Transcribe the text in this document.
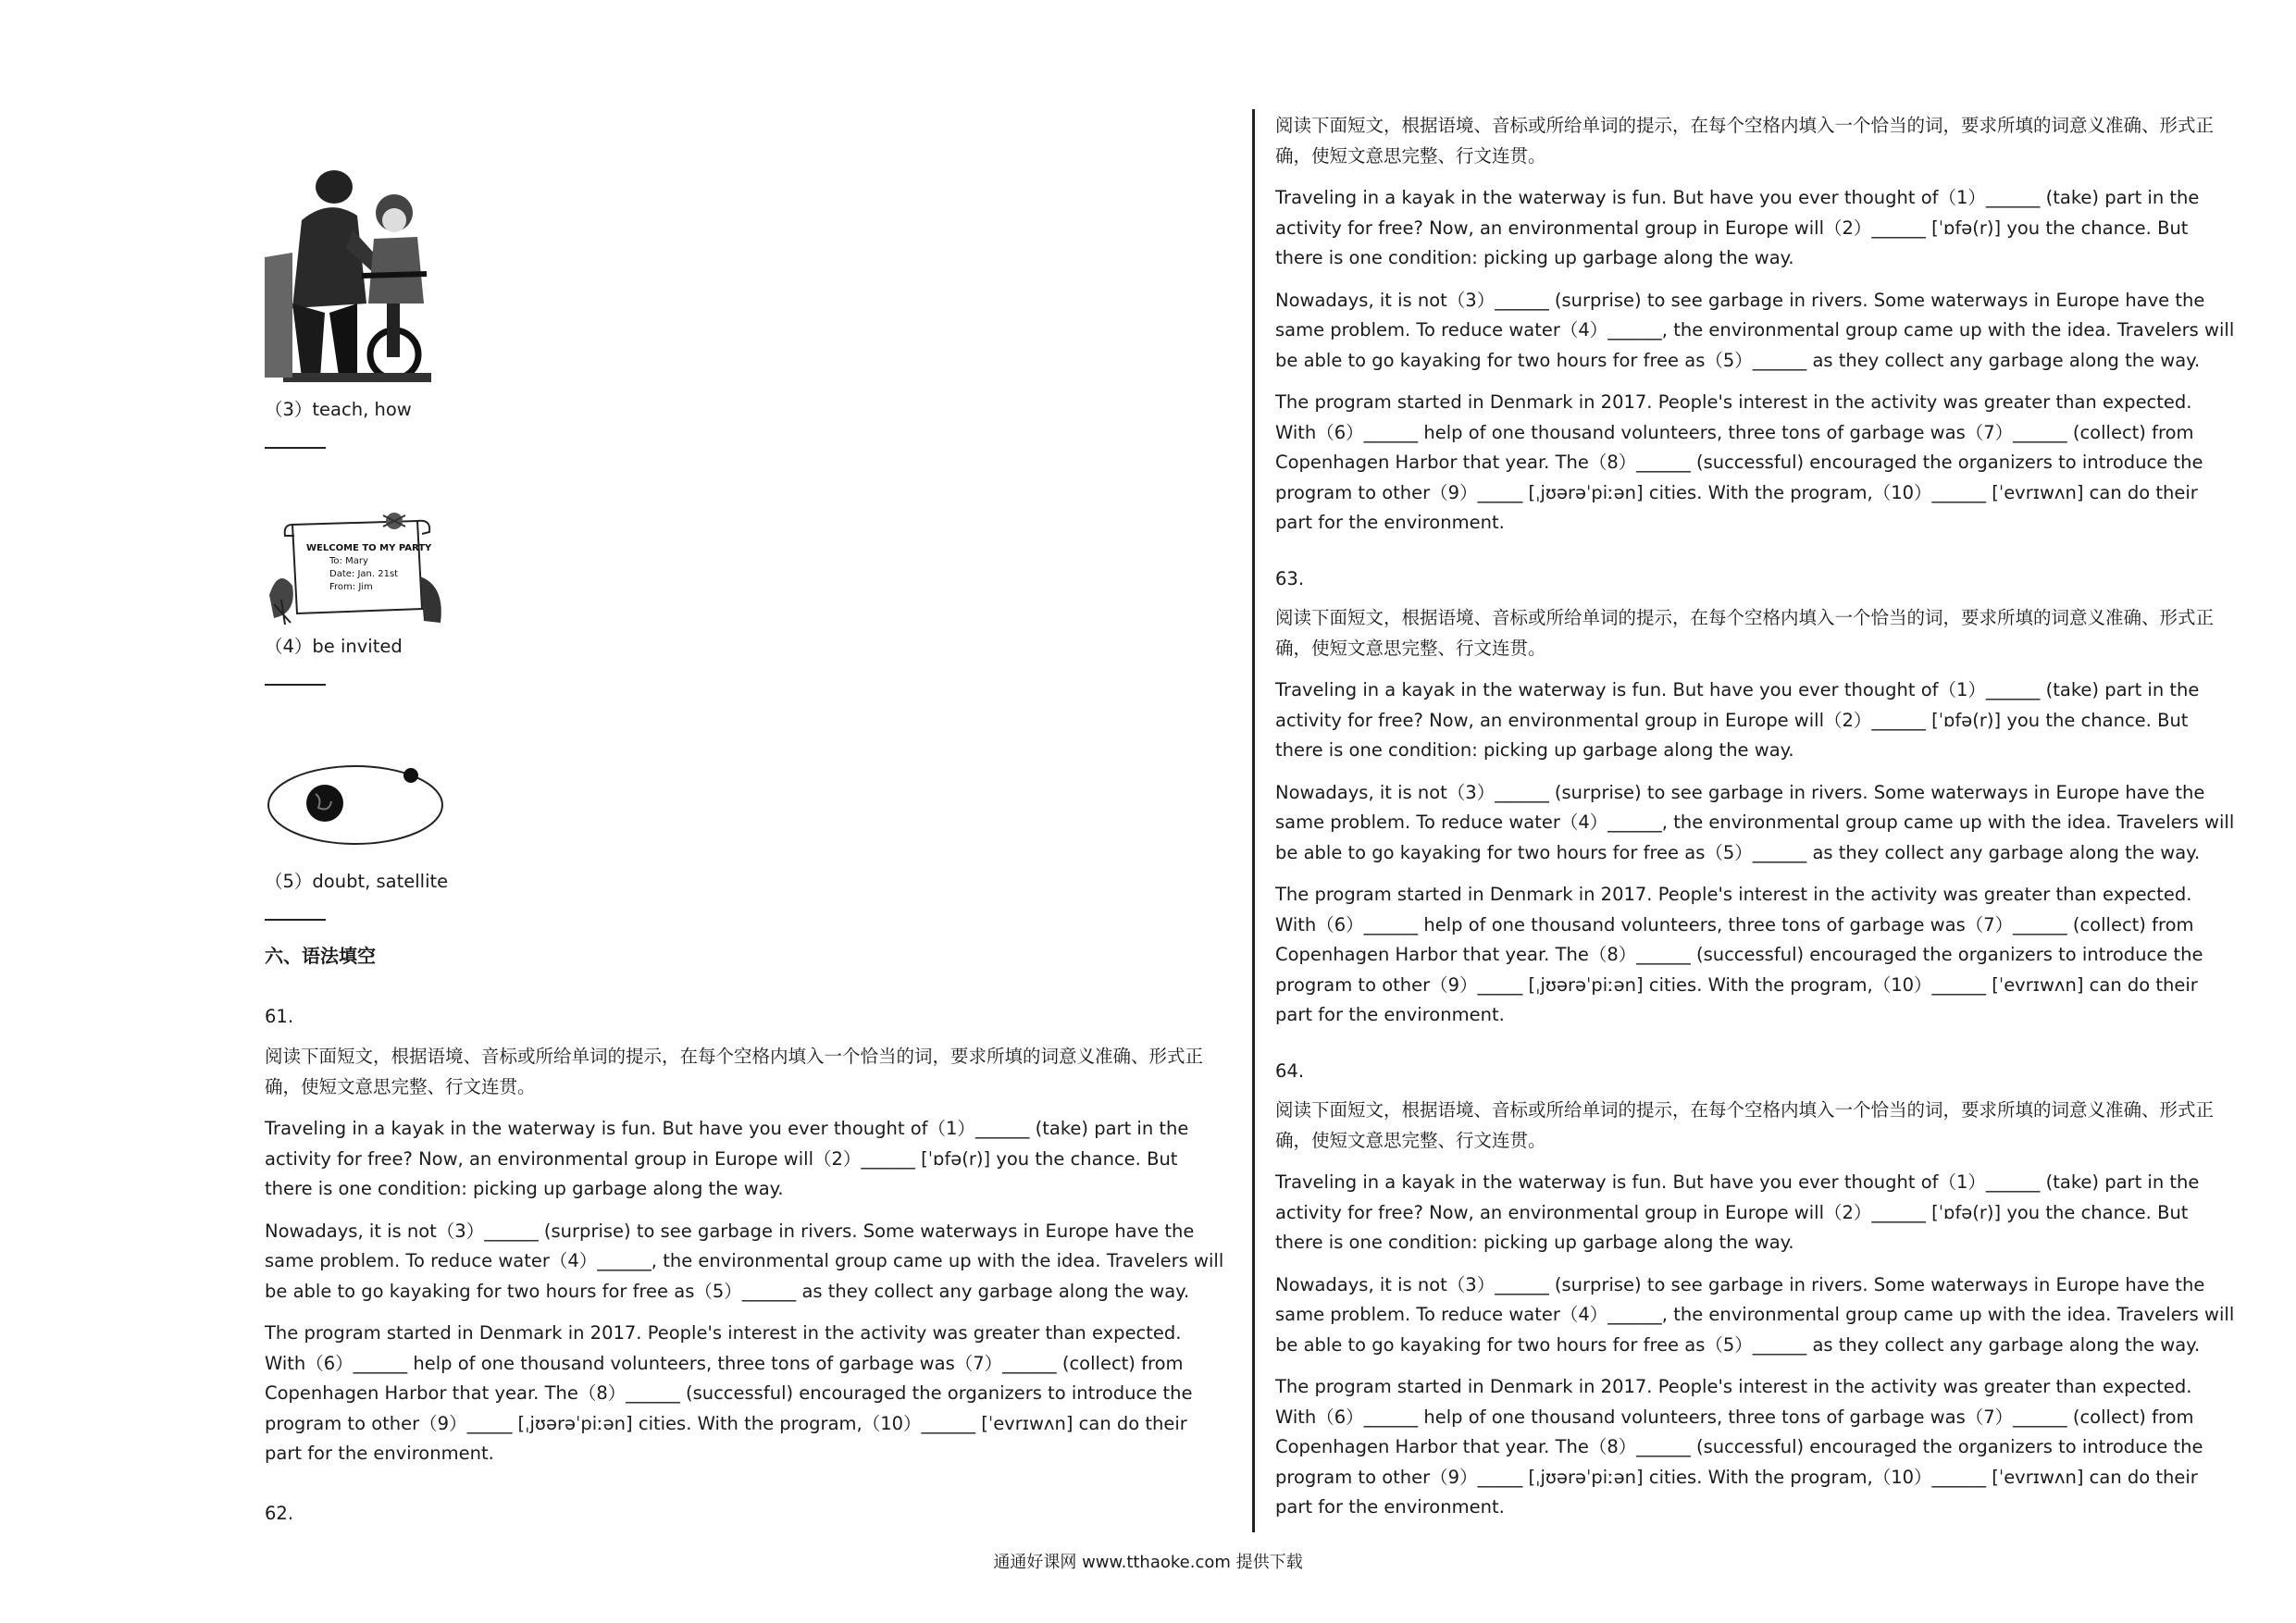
（3）teach, how
WELCOME TO MY PARTY
To: Mary
Date: Jan. 21st
From: Jim
（4）be invited
（5）doubt, satellite
六、语法填空
61.

阅读下面短文，根据语境、音标或所给单词的提示，在每个空格内填入一个恰当的词，要求所填的词意义准确、形式正确，使短文意思完整、行文连贯。

Traveling in a kayak in the waterway is fun. But have you ever thought of（1）______ (take) part in the activity for free? Now, an environmental group in Europe will（2）______ [ˈɒfə(r)] you the chance. But there is one condition: picking up garbage along the way.

Nowadays, it is not（3）______ (surprise) to see garbage in rivers. Some waterways in Europe have the same problem. To reduce water（4）______, the environmental group came up with the idea. Travelers will be able to go kayaking for two hours for free as（5）______ as they collect any garbage along the way.

The program started in Denmark in 2017. People's interest in the activity was greater than expected. With（6）______ help of one thousand volunteers, three tons of garbage was（7）______ (collect) from Copenhagen Harbor that year. The（8）______ (successful) encouraged the organizers to introduce the program to other（9）_____ [ˌjʊərəˈpiːən] cities. With the program,（10）______ [ˈevrɪwʌn] can do their part for the environment.

62.

阅读下面短文，根据语境、音标或所给单词的提示，在每个空格内填入一个恰当的词，要求所填的词意义准确、形式正确，使短文意思完整、行文连贯。

Traveling in a kayak in the waterway is fun. But have you ever thought of（1）______ (take) part in the activity for free? Now, an environmental group in Europe will（2）______ [ˈɒfə(r)] you the chance. But there is one condition: picking up garbage along the way.

Nowadays, it is not（3）______ (surprise) to see garbage in rivers. Some waterways in Europe have the same problem. To reduce water（4）______, the environmental group came up with the idea. Travelers will be able to go kayaking for two hours for free as（5）______ as they collect any garbage along the way.

The program started in Denmark in 2017. People's interest in the activity was greater than expected. With（6）______ help of one thousand volunteers, three tons of garbage was（7）______ (collect) from Copenhagen Harbor that year. The（8）______ (successful) encouraged the organizers to introduce the program to other（9）_____ [ˌjʊərəˈpiːən] cities. With the program,（10）______ [ˈevrɪwʌn] can do their part for the environment.

63.

阅读下面短文，根据语境、音标或所给单词的提示，在每个空格内填入一个恰当的词，要求所填的词意义准确、形式正确，使短文意思完整、行文连贯。

Traveling in a kayak in the waterway is fun. But have you ever thought of（1）______ (take) part in the activity for free? Now, an environmental group in Europe will（2）______ [ˈɒfə(r)] you the chance. But there is one condition: picking up garbage along the way.

Nowadays, it is not（3）______ (surprise) to see garbage in rivers. Some waterways in Europe have the same problem. To reduce water（4）______, the environmental group came up with the idea. Travelers will be able to go kayaking for two hours for free as（5）______ as they collect any garbage along the way.

The program started in Denmark in 2017. People's interest in the activity was greater than expected. With（6）______ help of one thousand volunteers, three tons of garbage was（7）______ (collect) from Copenhagen Harbor that year. The（8）______ (successful) encouraged the organizers to introduce the program to other（9）_____ [ˌjʊərəˈpiːən] cities. With the program,（10）______ [ˈevrɪwʌn] can do their part for the environment.

64.

阅读下面短文，根据语境、音标或所给单词的提示，在每个空格内填入一个恰当的词，要求所填的词意义准确、形式正确，使短文意思完整、行文连贯。

Traveling in a kayak in the waterway is fun. But have you ever thought of（1）______ (take) part in the activity for free? Now, an environmental group in Europe will（2）______ [ˈɒfə(r)] you the chance. But there is one condition: picking up garbage along the way.

Nowadays, it is not（3）______ (surprise) to see garbage in rivers. Some waterways in Europe have the same problem. To reduce water（4）______, the environmental group came up with the idea. Travelers will be able to go kayaking for two hours for free as（5）______ as they collect any garbage along the way.

The program started in Denmark in 2017. People's interest in the activity was greater than expected. With（6）______ help of one thousand volunteers, three tons of garbage was（7）______ (collect) from Copenhagen Harbor that year. The（8）______ (successful) encouraged the organizers to introduce the program to other（9）_____ [ˌjʊərəˈpiːən] cities. With the program,（10）______ [ˈevrɪwʌn] can do their part for the environment.

通通好课网 www.tthaoke.com 提供下载
